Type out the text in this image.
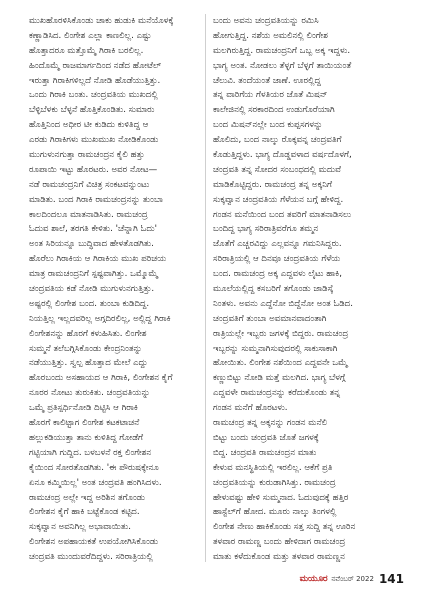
ಮುಖಹೊರಳಿಸಿಕೊಂಡು ಚಾಕು ಹುಡುಕಿ ಮನೆಯೊಳಕ್ಕೆ
ಕಣ್ಣಾಡಿಸಿದ. ಲಿಂಗೇಶ ಎಲ್ಲಾ ಕಾಣಲಿಲ್ಲ. ಎಷ್ಟು
ಹೊತ್ತಾದರೂ ಮತ್ತೊಮ್ಮೆ ಗಿರಾಕಿ ಬರಲಿಲ್ಲ.
ಹಿಂದೊಮ್ಮೆ ರಾಜಮಾರ್ಗದಿಂದ ನಡೆದ ಹೋಟೆಲ್
ಇರುತ್ತಾ ಗಿರಾಕಿಗಳಿಲ್ಲದೆ ನೋಡಿ ಹೊಡೆಯುತ್ತಿತ್ತು.
ಒಂದು ಗಿರಾಕಿ ಬಂತು. ಚಂದ್ರವತಿಯ ಮುಖದಲ್ಲಿ
ಬೆಳ್ಳಿಬೆಳಕು ಬೆಳ್ಳನೆ ಹೊತ್ತಿಕೊಂಡಿತು. ಸುಮಾರು
ಹೊತ್ತಿನಿಂದ ಅಧೀರ ಟೀ ಕುಡಿದು ಕುಳಿತಿದ್ದ ಆ
ಎರಡು ಗಿರಾಕಿಗಳು ಮುಖಮುಖ ನೋಡಿಕೊಂಡು
ಮುಗುಳುನಗುತ್ತಾ ರಾಮಚಂದ್ರನ ಕೈಲಿ ಹತ್ತು
ರೂಪಾಯಿ ಇಟ್ಟು ಹೊರಟರು. ಅವರ ನೋಟ—
ನಡೆ ರಾಮಚಂದ್ರನಿಗೆ ವಿಚಿತ್ರ ಸಂಕಟವನ್ನುಂಟು
ಮಾಡಿತು. ಬಂದ ಗಿರಾಕಿ ರಾಮಚಂದ್ರನನ್ನು ತುಂಬಾ
ಕಾಲದಿಂದಲೂ ಮಾತನಾಡಿಸಿತು. ರಾಮಚಂದ್ರ
ಓದುವ ಶಾಲೆ, ತರಗತಿ ಕೇಳಿತು. 'ಚೆನ್ನಾಗಿ ಓದು'
ಅಂತ ಸಿರಿಯನ್ನೂ ಬುದ್ಧಿವಾದ ಹೇಳತೊಡಗಿತು.
ಹೊರೆಲು ಗಿರಾಕಿಯ ಆ ಗಿರಾಕಿಯ ಮುಖ ಪರಿಚಯ
ಮಾತ್ರ ರಾಮಚಂದ್ರನಿಗೆ ಸ್ಪಷ್ಟವಾಗಿತ್ತು. ಒಮ್ಮೊಮ್ಮೆ
ಚಂದ್ರವತಿಯ ಕಡೆ ನೋಡಿ ಮುಗುಳುನಗುತ್ತಿತ್ತು.
ಅಷ್ಟರಲ್ಲಿ ಲಿಂಗೇಶ ಬಂದ. ತುಂಬಾ ಕುಡಿದಿದ್ದ.
ನಿಯತ್ತಿಲ್ಲ ಇಲ್ಲದವರಿಲ್ಲ ಅಗ್ಗದಿರಲಿಲ್ಲ, ಅಲ್ಲಿದ್ದ ಗಿರಾಕಿ
ಲಿಂಗೇಶನನ್ನು ಹೊರಗೆ ಕಳುಹಿಸಿತು. ಲಿಂಗೇಶ
ಸುಮ್ಮನೆ ತಲೆಬಗ್ಗಿಸಿಕೊಂಡು ಕೇಂದ್ರನಿಂತನ್ನು
ನಡೆಯುತ್ತಿತ್ತು. ಸ್ವಲ್ಪ ಹೊತ್ತಾದ ಮೇಲೆ ಎದ್ದು
ಹೊರಬಂದು ಅಸಹಾಯದ ಆ ಗಿರಾಕಿ, ಲಿಂಗೇಶನ ಕೈಗೆ
ನೂರರ ನೋಟು ತುರುಕಿತು. ಚಂದ್ರವತಿಯನ್ನು
ಒಮ್ಮೆ ಪ್ರತಿಸ್ಪರ್ಧಿನೋಡಿ ದಿಟ್ಟಿಸಿ ಆ ಗಿರಾಕಿ
ಹೊರಗೆ ಕಾಲಿಟ್ಟಾಗ ಲಿಂಗೇಶ ಕಟಕಟಾಚನೆ
ಹಲ್ಲುಕಡಿಯುತ್ತಾ ತಾನು ಕುಳಿತಿದ್ದ ಗೋಡೆಗೆ
ಗಟ್ಟಿಯಾಗಿ ಗುದ್ದಿದ. ಬಳಬಳನೆ ರಕ್ತ ಲಿಂಗೇಶನ
ಕೈಯಿಂದ ಸೋರತೊಡಗಿತು. 'ಈ ಪೌರುಷಕ್ಕೇನೂ
ಏನೂ ಕಮ್ಮಿಯಿಲ್ಲ' ಅಂತ ಚಂದ್ರವತಿ ಹಂಗಿಸಿದಳು.
ರಾಮಚಂದ್ರ ಅಲ್ಲೇ ಇದ್ದ ಅರಿಶಿನ ತಗೊಂಡು
ಲಿಂಗೇಶನ ಕೈಗೆ ಹಾಕಿ ಬಟ್ಟೆಕೊಂಡ ಕಟ್ಟಿದ.
ಸುಕ್ಕವ್ವಾನ ಅವನಿಗಿಲ್ಲ ಅಭಾವಾಯಿತು.
ಲಿಂಗೇಶನ ಅಪಹಾಯಕತೆ ಉಪಯೋಗಿಸಿಕೊಂಡು
ಚಂದ್ರವತಿ ಮುಂದುವರೆದಿದ್ದಳು. ಸರಿರಾತ್ರಿಯಲ್ಲಿ
ಬಂದು ಅವನು ಚಂದ್ರವತಿಯನ್ನು ರಮಿಸಿ
ಹೋಗುತ್ತಿದ್ದ. ನಶೆಯ ಅಮಲಿನಲ್ಲಿ ಲಿಂಗೇಶ
ಮಲಗಿರುತ್ತಿದ್ದ. ರಾಮಚಂದ್ರನಿಗೆ ಒಬ್ಬ ಅಕ್ಕ ಇದ್ದಳು.
ಭಾಗ್ಯ ಅಂತ. ನೋಡಲು ತೆಳ್ಳಗೆ ಬೆಳ್ಳಗೆ ತಾಯಿಯಂತೆ
ಚೆಲುವಿ. ತಂದೆಯಂತೆ ಜಾಣೆ. ಊರಲ್ಲಿದ್ದ
ತನ್ನ ವಾರಿಗೆಯ ಗೆಳತಿಯರ ಜೊತೆ ಮಿಷನ್
ಕಾಲೇಜಿನಲ್ಲಿ ಸರಕಾರದಿಂದ ಉಡುಗೊರೆಯಾಗಿ
ಬಂದ ಮಿಷನ್‌ನಲ್ಲೇ ಬಂದ ಕುಪ್ಪಸಗಳನ್ನು
ಹೊಲಿದು, ಬಂದ ನಾಲ್ಕು ರೊಕ್ಕವನ್ನ ಚಂದ್ರವತಿಗೆ
ಕೊಡುತ್ತಿದ್ದಳು. ಭಾಗ್ಯ ದೊಡ್ಡವಳಾದ ವರ್ಷದೊಳಗೆ,
ಚಂದ್ರವತಿ ತನ್ನ ಸೋದರ ಸಂಬಂಧದಲ್ಲಿ ಮದುವೆ
ಮಾಡಿಕೊಟ್ಟಿದ್ದರು. ರಾಮಚಂದ್ರ ತನ್ನ ಅಕ್ಕನಿಗೆ
ಸುಕ್ಕವ್ವಾನ ಚಂದ್ರವತಿಯ ಗೆಳೆಯನ ಬಗ್ಗೆ ಹೇಳಿದ್ದ.
ಗಂಡನ ಮನೆಯಿಂದ ಬಂದ ತವರಿಗೆ ಮಾತನಾಡಿಸಲು
ಬಂದಿದ್ದ ಭಾಗ್ಯ ಸರಿರಾತ್ರಿವರೆಗೂ ತಮ್ಮನ
ಜೊತೆಗೆ ಎಚ್ಚರವಿದ್ದು ಎಲ್ಲವನ್ನೂ ಗಮನಿಸಿದ್ದರು.
ಸರಿರಾತ್ರಿಯಲ್ಲಿ ಆ ದಿನವೂ ಚಂದ್ರವತಿಯ ಗೆಳೆಯ
ಬಂದ. ರಾಮಚಂದ್ರ ಅಕ್ಕ ಎದ್ದವಳು ಲೈಟು ಹಾಕಿ,
ಮೂಲೆಯಲ್ಲಿದ್ದ ಕಸಬರಿಗೆ ತಗೊಂಡು ಜಾಡಿಸ್ಕೆ
ನಿಂತಳು. ಅವನು ಎದ್ದೆನೋ ಬಿದ್ದೆನೋ ಅಂತ ಓಡಿದ.
ಚಂದ್ರವತಿಗೆ ತುಂಬಾ ಅವಮಾನವಾದಂತಾಗಿ
ರಾತ್ರಿಯಲ್ಲೇ ಇಬ್ಬರು ಜಗಳಕ್ಕೆ ಬಿದ್ದರು. ರಾಮಚಂದ್ರ
ಇಬ್ಬರನ್ನು ಸುಮ್ಮನಾಗಿಸುವುದರಲ್ಲಿ ಸಾಕುಸಾಕಾಗಿ
ಹೋಯಿತು. ಲಿಂಗೇಶ ನಶೆಯಿಂದ ಎದ್ದವನೇ ಒಮ್ಮೆ
ಕಣ್ಣುಬಿಟ್ಟು ನೋಡಿ ಮತ್ತೆ ಮಲಗಿದ. ಭಾಗ್ಯ ಬೆಳಗ್ಗೆ
ಎದ್ದವಳೇ ರಾಮಚಂದ್ರನನ್ನು ಕರೆದುಕೊಂಡು ತನ್ನ
ಗಂಡನ ಮನೆಗೆ ಹೊರಟಳು.
ರಾಮಚಂದ್ರ ತನ್ನ ಅಕ್ಕನನ್ನು ಗಂಡನ ಮನೆಲಿ
ಬಿಟ್ಟು ಬಂದು ಚಂದ್ರವತಿ ಜೊತೆ ಜಗಳಕ್ಕೆ
ಬಿದ್ದ. ಚಂದ್ರವತಿ ರಾಮಚಂದ್ರನ ಮಾತು
ಕೇಳುವ ಮನಸ್ಥಿತಿಯಲ್ಲಿ ಇರಲಿಲ್ಲ. ಆಕೆಗೆ ಪ್ರತಿ
ಚಂದ್ರವತಿಯನ್ನು ಕುರುಡಾಗಿಸಿತ್ತು. ರಾಮಚಂದ್ರ
ಹೇಳುವಷ್ಟು ಹೇಳಿ ಸುಮ್ಮನಾದ. ಓದುವುದಕ್ಕೆ ಹತ್ತಿರ
ಹಾಸ್ಟೆಲ್‌ಗೆ ಹೋದ. ಮೂರು ನಾಲ್ಕು ತಿಂಗಳಲ್ಲಿ
ಲಿಂಗೇಶ ನೇಣು ಹಾಕಿಕೊಂಡು ಸತ್ತ ಸುದ್ದಿ ತನ್ನ ಊರಿನ
ತಳವಾರ ರಾಮಣ್ಣ ಬಂದು ಹೇಳಿದಾಗ ರಾಮಚಂದ್ರ
ಮಾತು ಕಳೆದುಕೊಂಡ ಮತ್ತು ತಳವಾರ ರಾಮಣ್ಣನ
ಮಯೂರ ನವೆಂಬರ್ 2022 141
